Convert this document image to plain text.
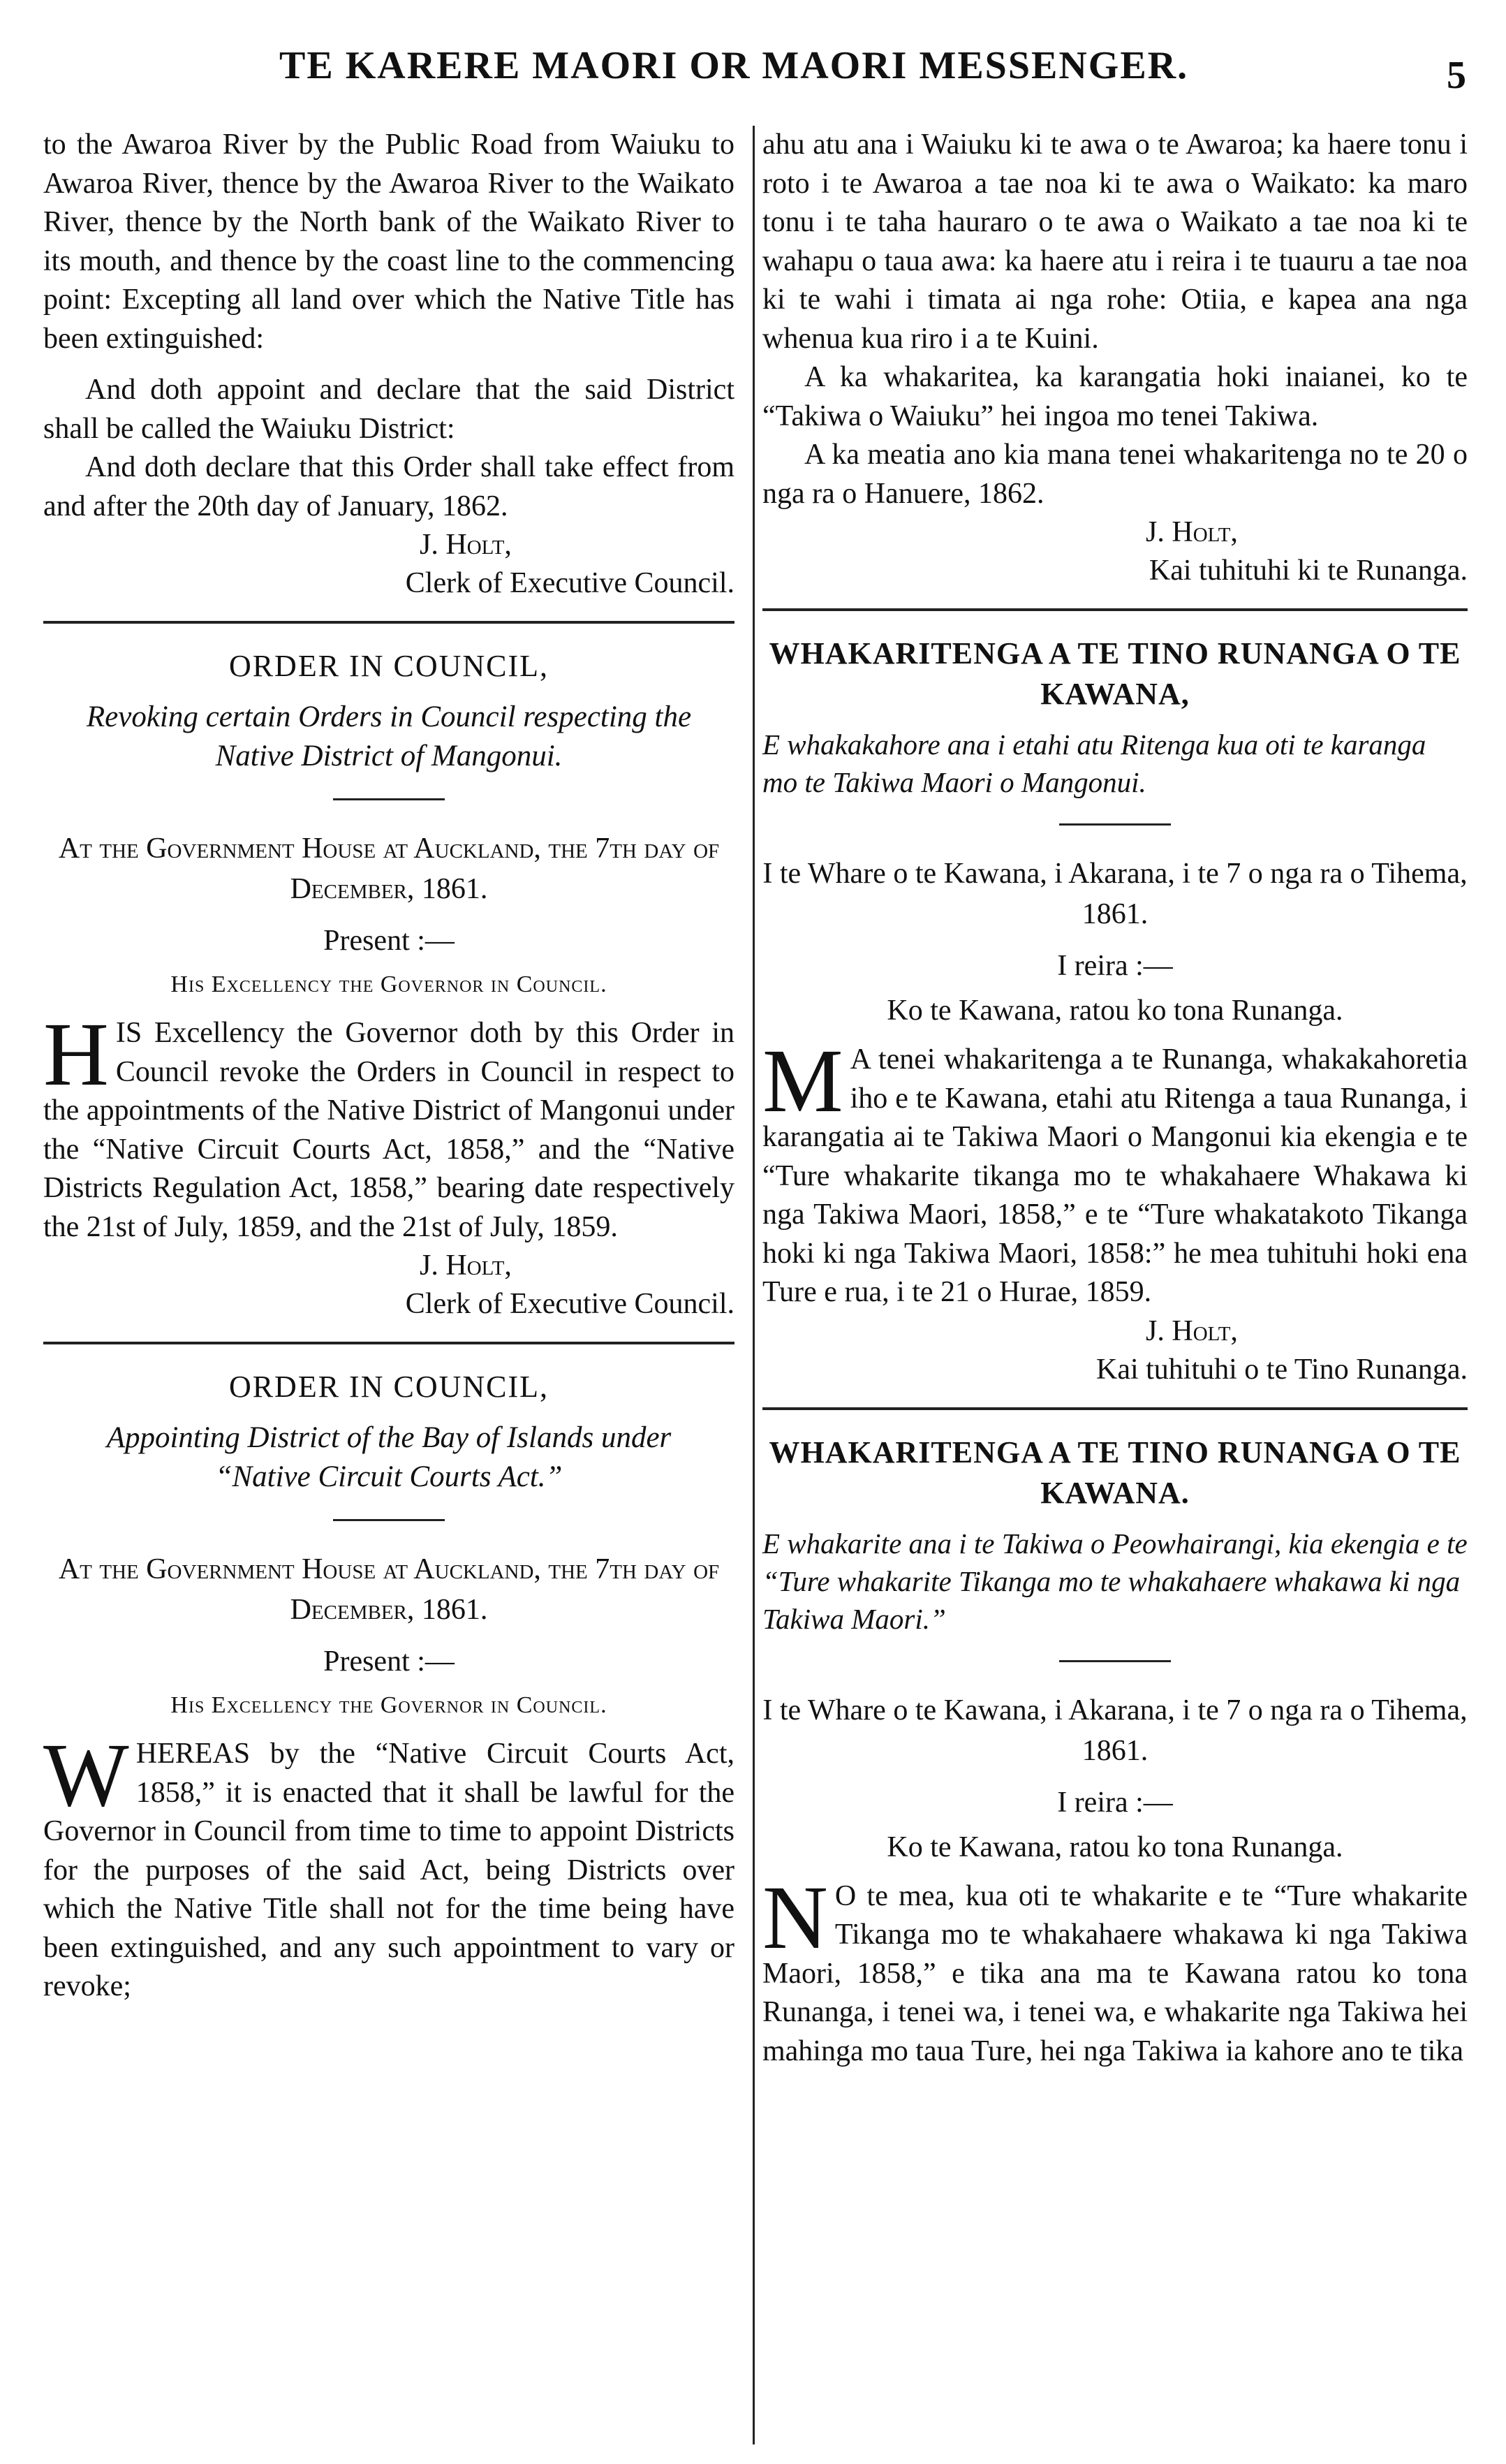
TE KARERE MAORI OR MAORI MESSENGER.	5

to the Awaroa River by the Public Road from Waiuku to Awaroa River, thence by the Awaroa River to the Waikato River, thence by the North bank of the Waikato River to its mouth, and thence by the coast line to the commencing point: Excepting all land over which the Native Title has been extinguished:

And doth appoint and declare that the said District shall be called the Waiuku District:

And doth declare that this Order shall take effect from and after the 20th day of January, 1862.

J. Holt,

Clerk of Executive Council.

ORDER IN COUNCIL,

Revoking certain Orders in Council respecting the Native District of Mangonui.

At the Government House at Auckland, the 7th day of December, 1861.

Present :—

His Excellency the Governor in Council.

HIS Excellency the Governor doth by this Order in Council revoke the Orders in Council in respect to the appointments of the Native District of Mangonui under the “Native Circuit Courts Act, 1858,” and the “Native Districts Regulation Act, 1858,” bearing date respectively the 21st of July, 1859, and the 21st of July, 1859.

J. Holt,

Clerk of Executive Council.

ORDER IN COUNCIL,

Appointing District of the Bay of Islands under “Native Circuit Courts Act.”

At the Government House at Auckland, the 7th day of December, 1861.

Present :—

His Excellency the Governor in Council.

WHEREAS by the “Native Circuit Courts Act, 1858,” it is enacted that it shall be lawful for the Governor in Council from time to time to appoint Districts for the purposes of the said Act, being Districts over which the Native Title shall not for the time being have been extinguished, and any such appointment to vary or revoke;

ahu atu ana i Waiuku ki te awa o te Awaroa; ka haere tonu i roto i te Awaroa a tae noa ki te awa o Waikato: ka maro tonu i te taha hauraro o te awa o Waikato a tae noa ki te wahapu o taua awa: ka haere atu i reira i te tuauru a tae noa ki te wahi i timata ai nga rohe: Otiia, e kapea ana nga whenua kua riro i a te Kuini.

A ka whakaritea, ka karangatia hoki inaianei, ko te “Takiwa o Waiuku” hei ingoa mo tenei Takiwa.

A ka meatia ano kia mana tenei whakaritenga no te 20 o nga ra o Hanuere, 1862.

J. Holt,

Kai tuhituhi ki te Runanga.

WHAKARITENGA A TE TINO RUNANGA O TE KAWANA,

E whakakahore ana i etahi atu Ritenga kua oti te karanga mo te Takiwa Maori o Mangonui.

I te Whare o te Kawana, i Akarana, i te 7 o nga ra o Tihema, 1861.

I reira :—

Ko te Kawana, ratou ko tona Runanga.

M A tenei whakaritenga a te Runanga, whakakahoretia iho e te Kawana, etahi atu Ritenga a taua Runanga, i karangatia ai te Takiwa Maori o Mangonui kia ekengia e te “Ture whakarite tikanga mo te whakahaere Whakawa ki nga Takiwa Maori, 1858,” e te “Ture whakatakoto Tikanga hoki ki nga Takiwa Maori, 1858:” he mea tuhituhi hoki ena Ture e rua, i te 21 o Hurae, 1859.

J. Holt,

Kai tuhituhi o te Tino Runanga.

WHAKARITENGA A TE TINO RUNANGA O TE KAWANA.

E whakarite ana i te Takiwa o Peowhairangi, kia ekengia e te “Ture whakarite Tikanga mo te whakahaere whakawa ki nga Takiwa Maori.”

I te Whare o te Kawana, i Akarana, i te 7 o nga ra o Tihema, 1861.

I reira :—

Ko te Kawana, ratou ko tona Runanga.

N O te mea, kua oti te whakarite e te “Ture whakarite Tikanga mo te whakahaere whakawa ki nga Takiwa Maori, 1858,” e tika ana ma te Kawana ratou ko tona Runanga, i tenei wa, i tenei wa, e whakarite nga Takiwa hei mahinga mo taua Ture, hei nga Takiwa ia kahore ano te tika
